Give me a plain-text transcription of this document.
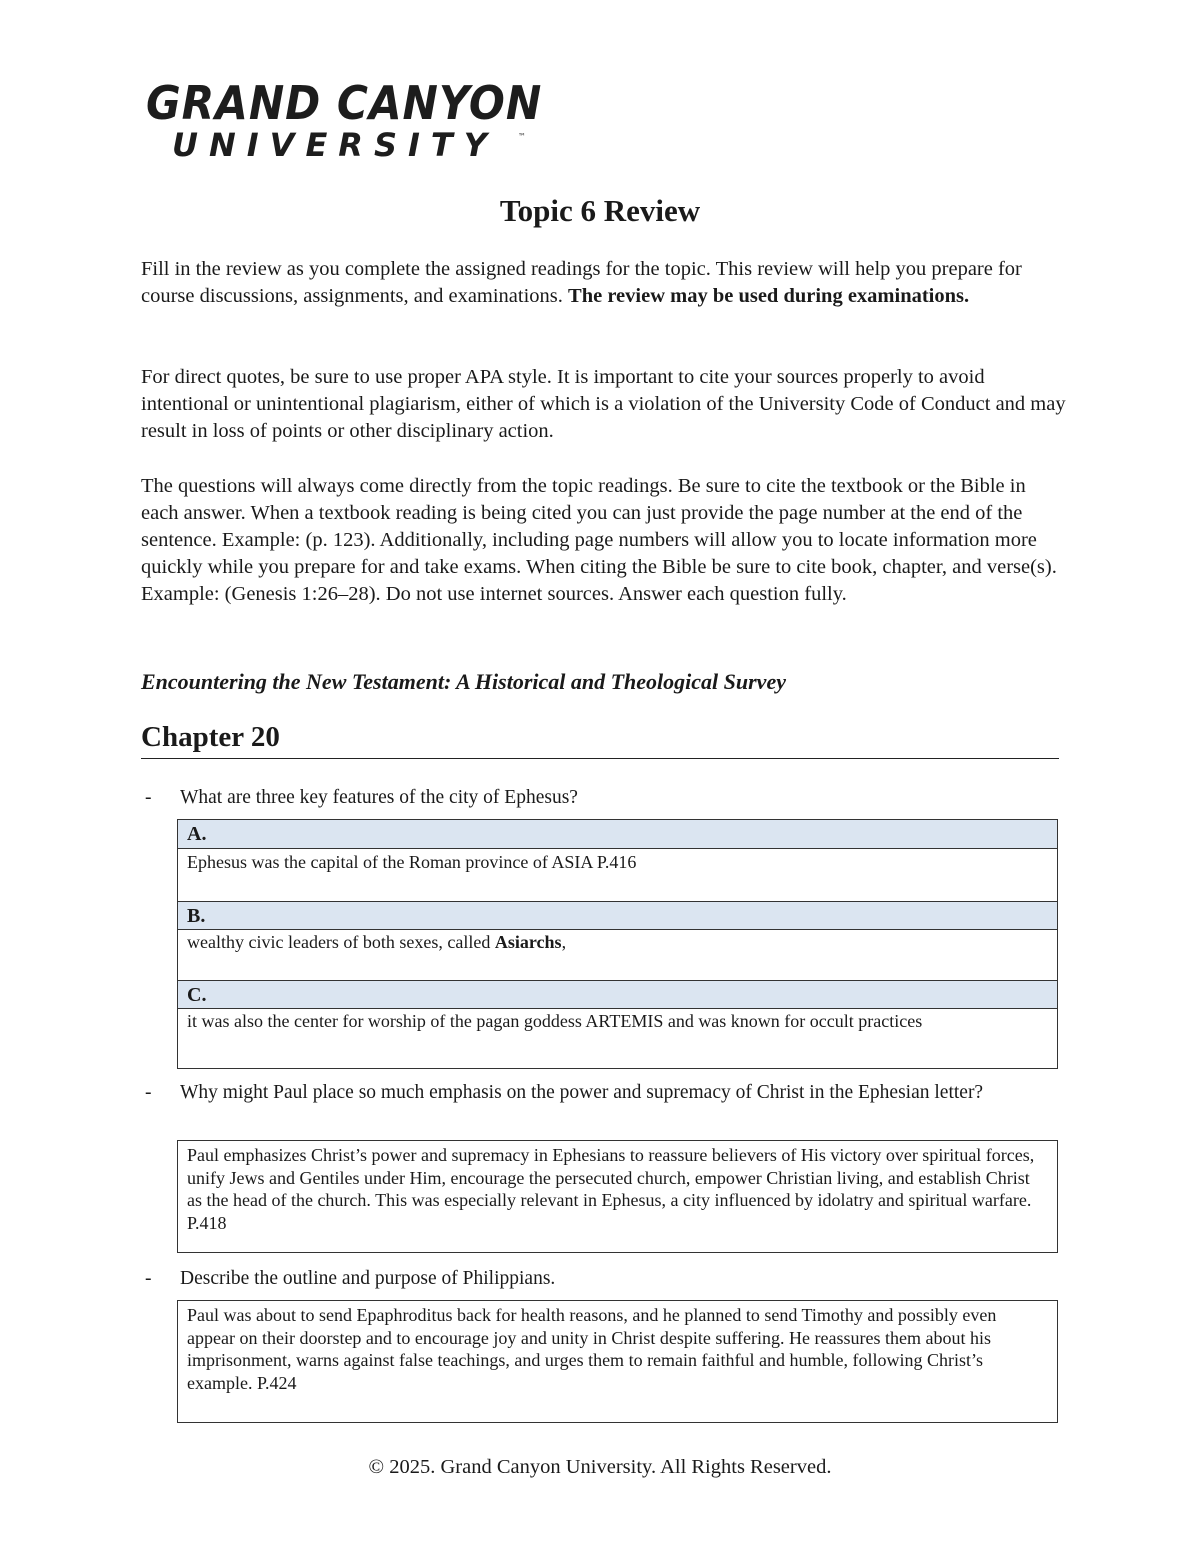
GRAND CANYON
UNIVERSITY	™
Topic 6 Review

Fill in the review as you complete the assigned readings for the topic. This review will help you prepare for course discussions, assignments, and examinations. The review may be used during examinations.

For direct quotes, be sure to use proper APA style. It is important to cite your sources properly to avoid intentional or unintentional plagiarism, either of which is a violation of the University Code of Conduct and may result in loss of points or other disciplinary action.

The questions will always come directly from the topic readings. Be sure to cite the textbook or the Bible in each answer. When a textbook reading is being cited you can just provide the page number at the end of the sentence. Example: (p. 123). Additionally, including page numbers will allow you to locate information more quickly while you prepare for and take exams. When citing the Bible be sure to cite book, chapter, and verse(s). Example: (Genesis 1:26–28). Do not use internet sources. Answer each question fully.

Encountering the New Testament: A Historical and Theological Survey
Chapter 20
- What are three key features of the city of Ephesus?
A.
Ephesus was the capital of the Roman province of ASIA P.416
B.
wealthy civic leaders of both sexes, called Asiarchs,
C.
it was also the center for worship of the pagan goddess ARTEMIS and was known for occult practices
- Why might Paul place so much emphasis on the power and supremacy of Christ in the Ephesian letter?
Paul emphasizes Christ’s power and supremacy in Ephesians to reassure believers of His victory over spiritual forces, unify Jews and Gentiles under Him, encourage the persecuted church, empower Christian living, and establish Christ as the head of the church. This was especially relevant in Ephesus, a city influenced by idolatry and spiritual warfare. P.418
- Describe the outline and purpose of Philippians.
Paul was about to send Epaphroditus back for health reasons, and he planned to send Timothy and possibly even appear on their doorstep and to encourage joy and unity in Christ despite suffering. He reassures them about his imprisonment, warns against false teachings, and urges them to remain faithful and humble, following Christ’s example. P.424
© 2025. Grand Canyon University. All Rights Reserved.
